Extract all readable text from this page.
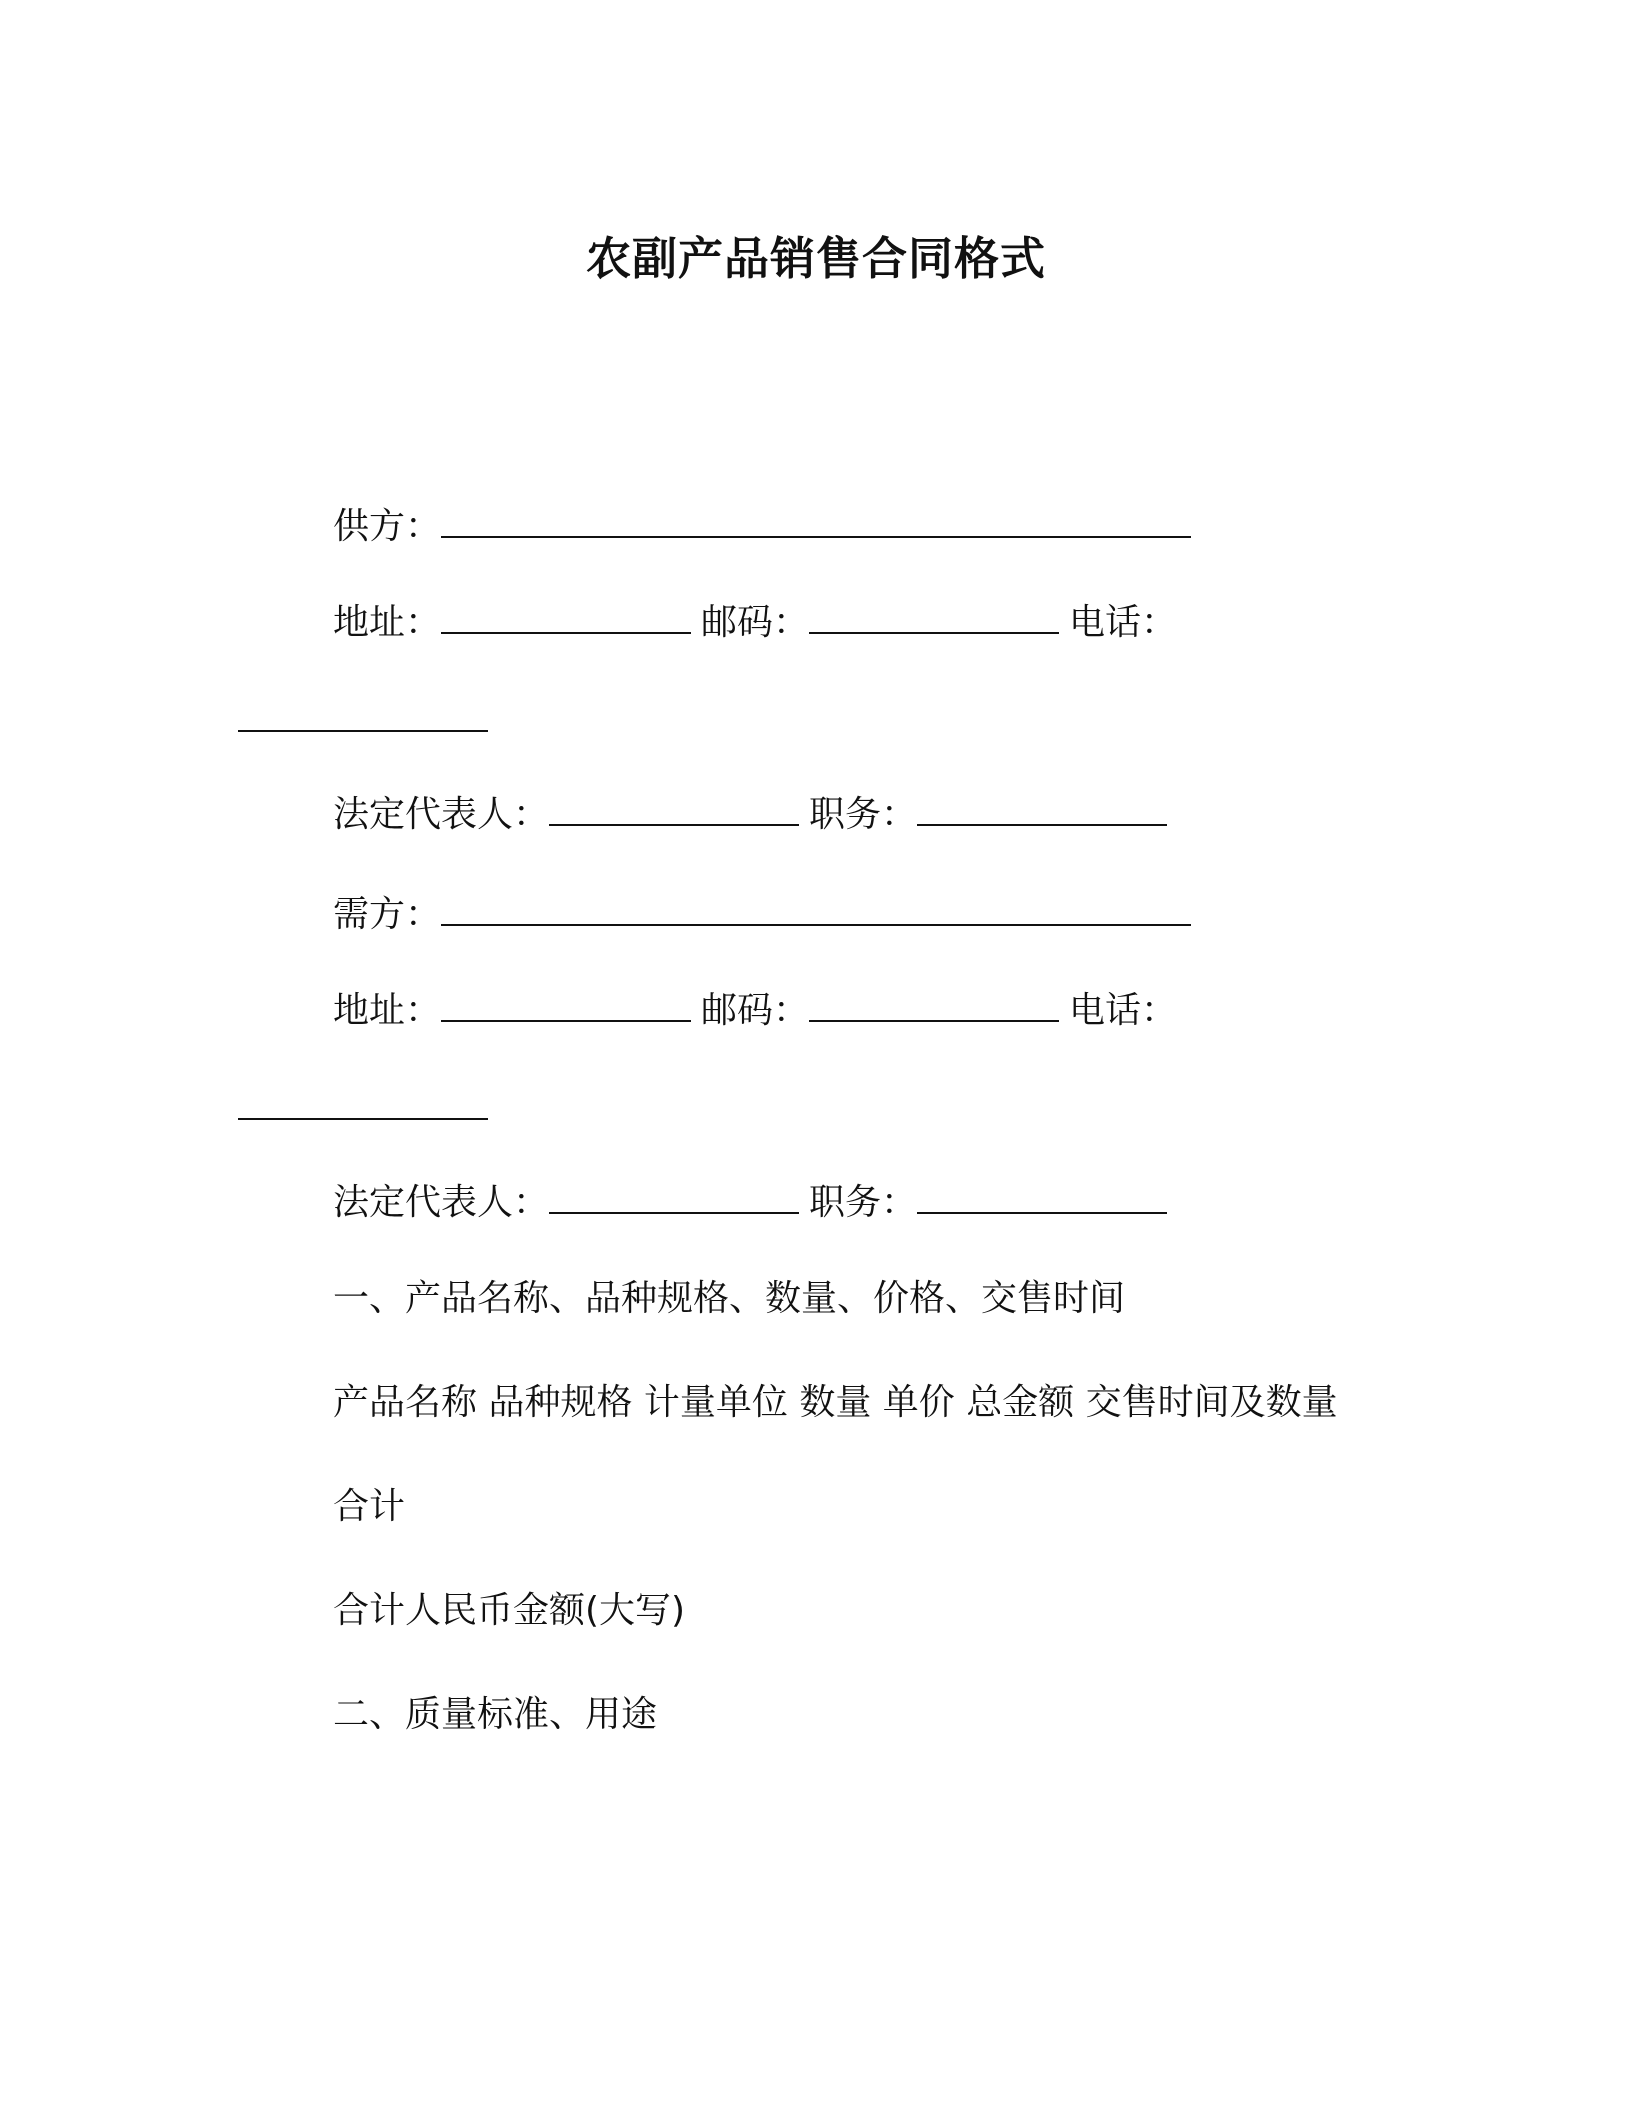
农副产品销售合同格式
供方：
地址：	邮码：	电话：
法定代表人：	职务：
需方：
地址：	邮码：	电话：
法定代表人：	职务：
一、产品名称、品种规格、数量、价格、交售时间
产品名称 品种规格 计量单位 数量 单价 总金额 交售时间及数量
合计
合计人民币金额(大写)
二、质量标准、用途
